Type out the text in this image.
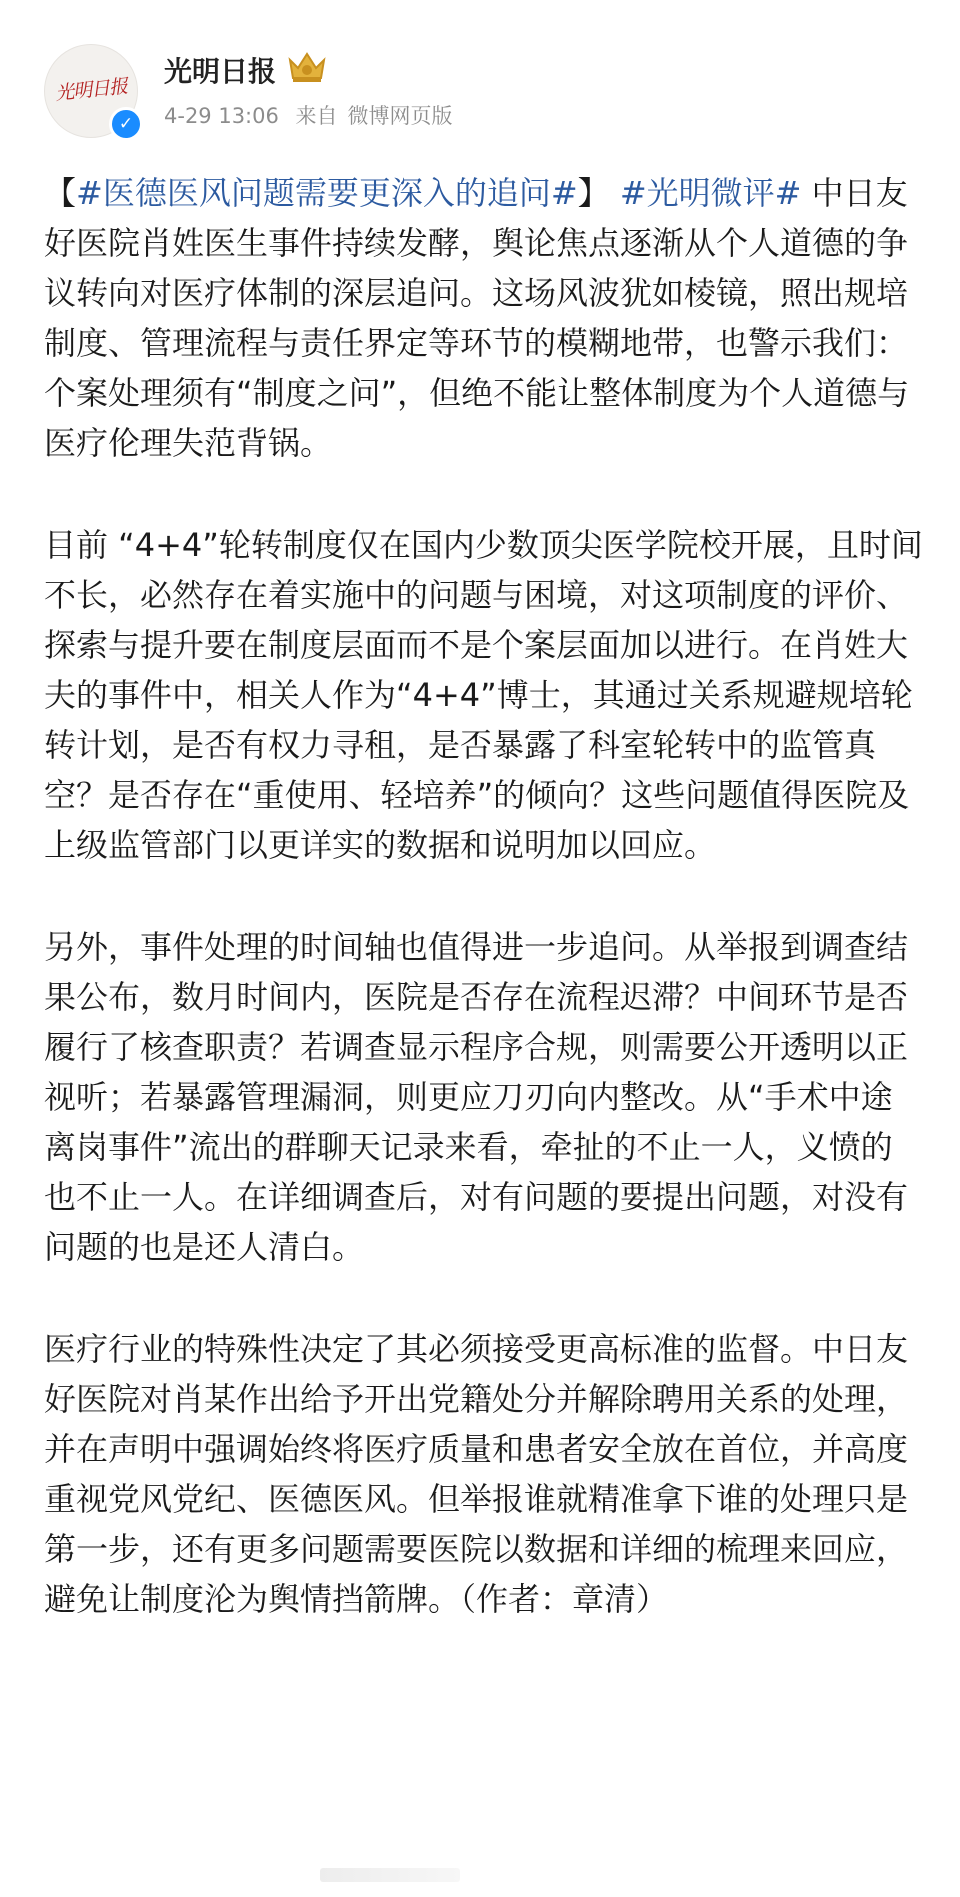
光明日报
✓
光明日报
4-29 13:06 来自 微博网页版

【#医德医风问题需要更深入的追问#】 #光明微评# 中日友好医院肖姓医生事件持续发酵，舆论焦点逐渐从个人道德的争议转向对医疗体制的深层追问。这场风波犹如棱镜，照出规培制度、管理流程与责任界定等环节的模糊地带，也警示我们：个案处理须有“制度之问”，但绝不能让整体制度为个人道德与医疗伦理失范背锅。

目前 “4+4”轮转制度仅在国内少数顶尖医学院校开展，且时间不长，必然存在着实施中的问题与困境，对这项制度的评价、探索与提升要在制度层面而不是个案层面加以进行。在肖姓大夫的事件中，相关人作为“4+4”博士，其通过关系规避规培轮转计划，是否有权力寻租，是否暴露了科室轮转中的监管真空？是否存在“重使用、轻培养”的倾向？这些问题值得医院及上级监管部门以更详实的数据和说明加以回应。

另外，事件处理的时间轴也值得进一步追问。从举报到调查结果公布，数月时间内，医院是否存在流程迟滞？中间环节是否履行了核查职责？若调查显示程序合规，则需要公开透明以正视听；若暴露管理漏洞，则更应刀刃向内整改。从“手术中途离岗事件”流出的群聊天记录来看，牵扯的不止一人，义愤的也不止一人。在详细调查后，对有问题的要提出问题，对没有问题的也是还人清白。

医疗行业的特殊性决定了其必须接受更高标准的监督。中日友好医院对肖某作出给予开出党籍处分并解除聘用关系的处理，并在声明中强调始终将医疗质量和患者安全放在首位，并高度重视党风党纪、医德医风。但举报谁就精准拿下谁的处理只是第一步，还有更多问题需要医院以数据和详细的梳理来回应，避免让制度沦为舆情挡箭牌。（作者：章清）
